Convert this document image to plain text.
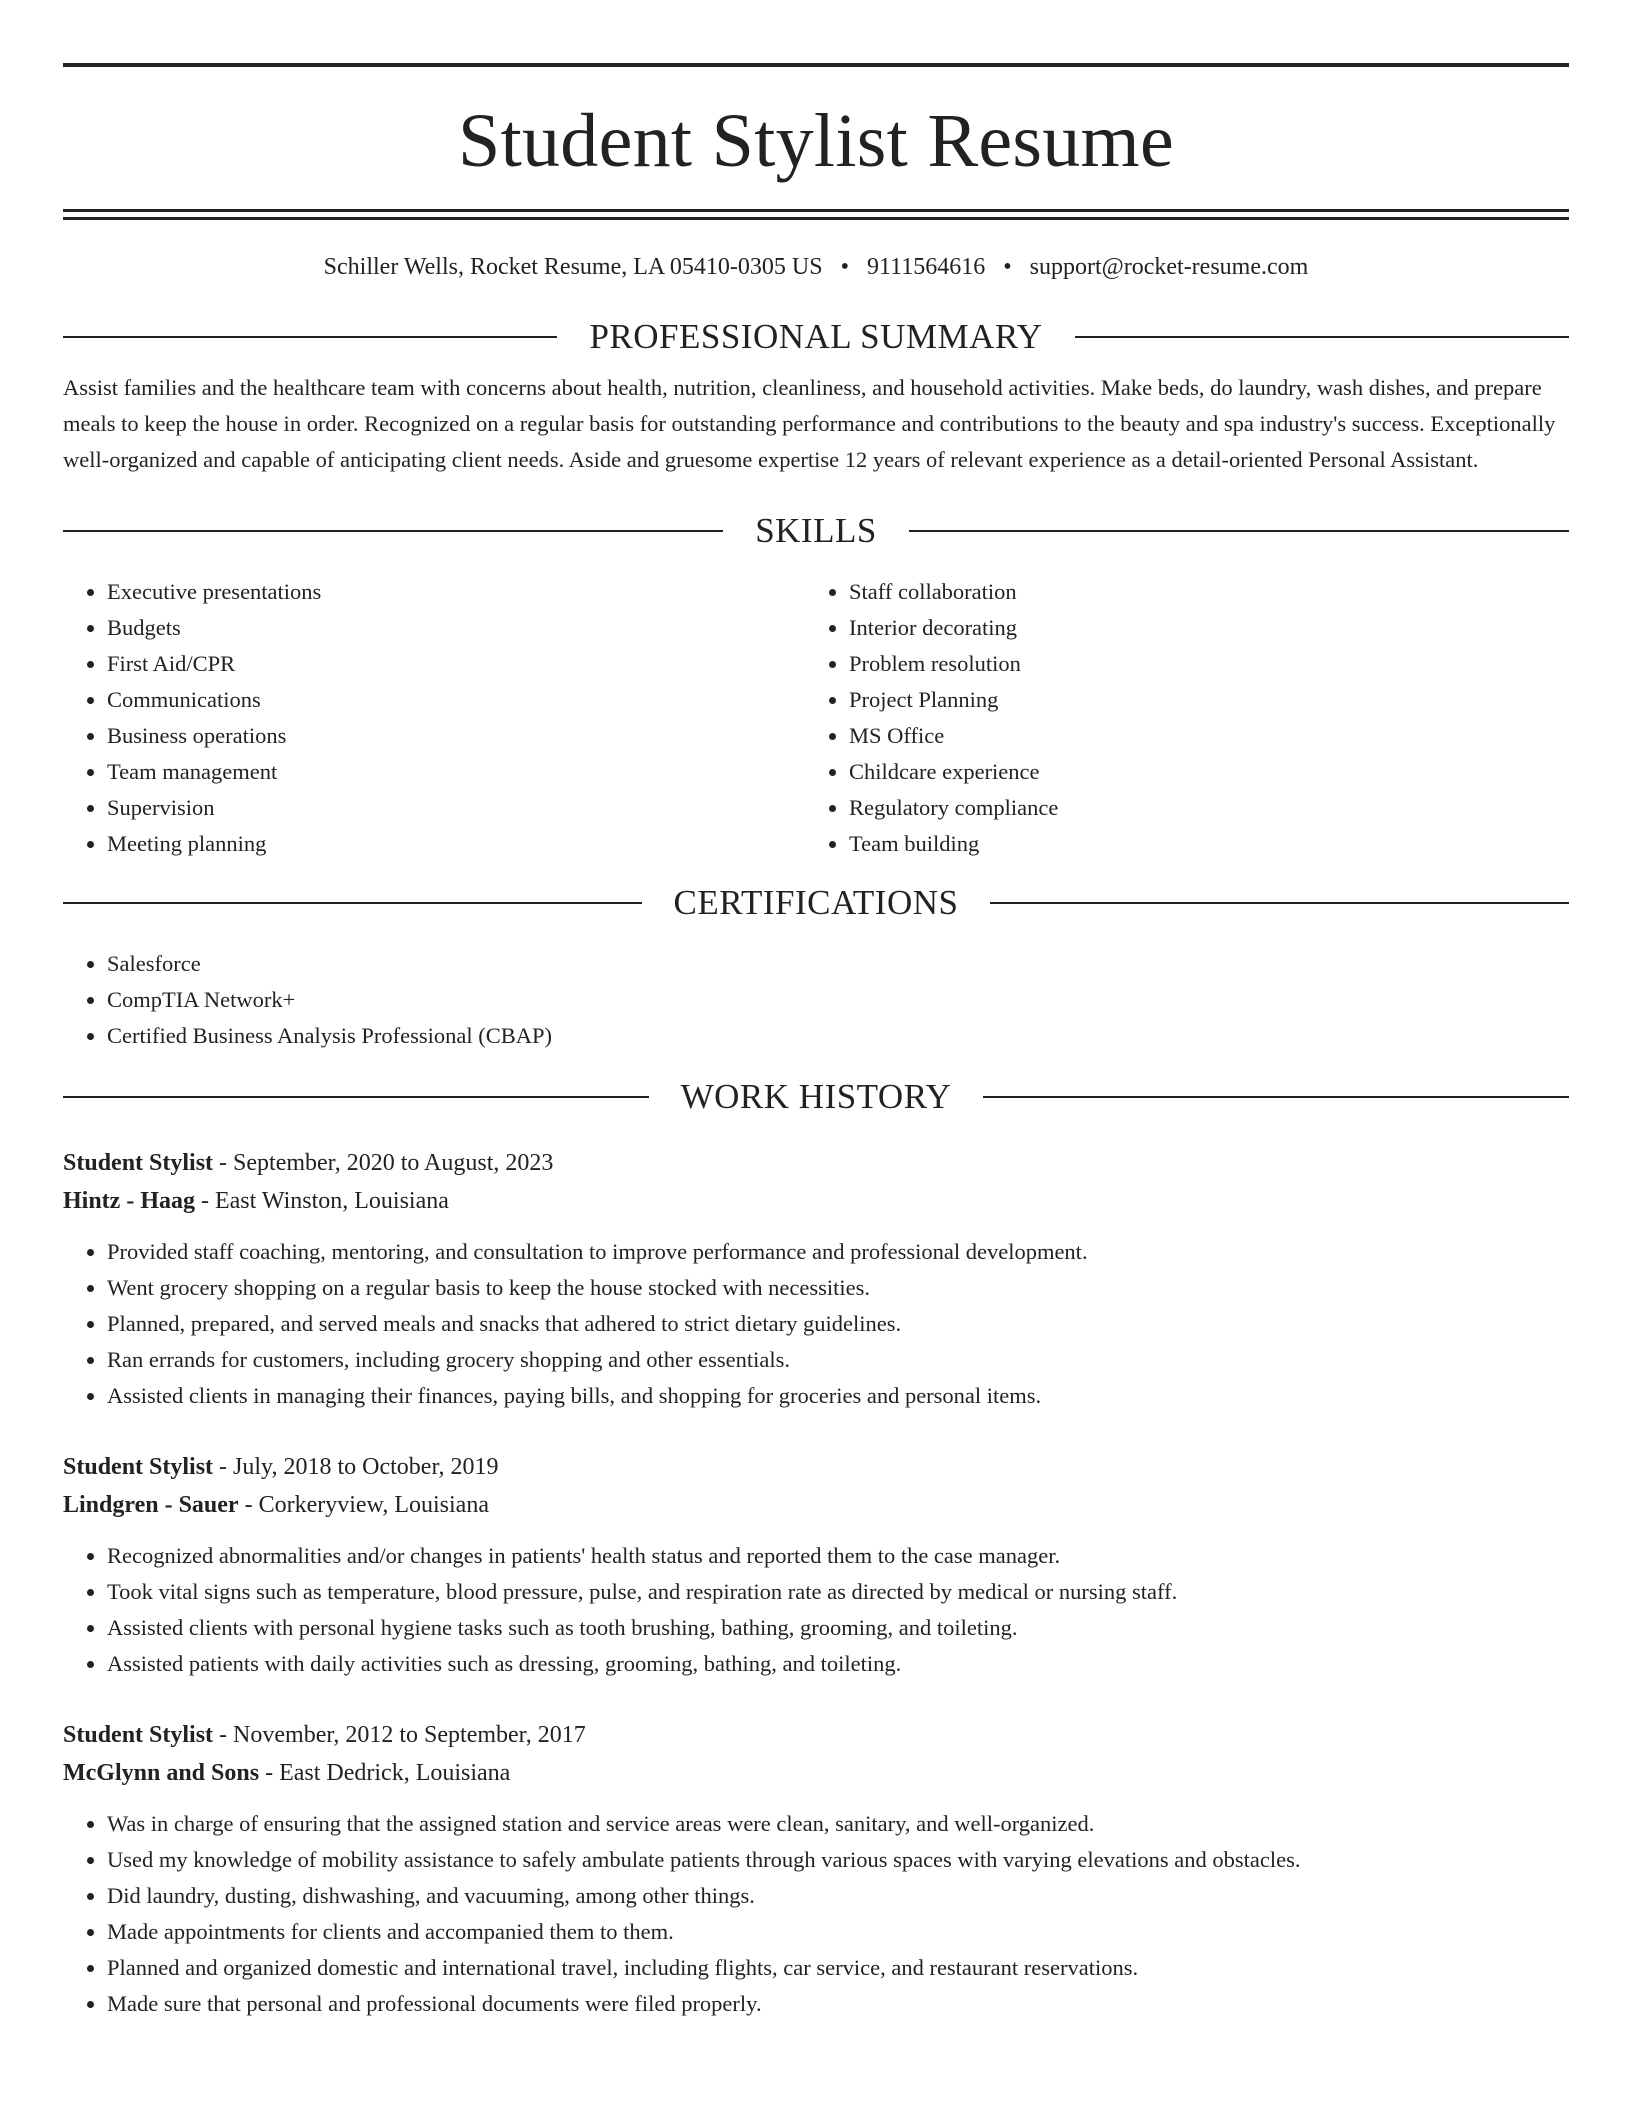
Student Stylist Resume
Schiller Wells, Rocket Resume, LA 05410-0305 US • 9111564616 • support@rocket-resume.com
PROFESSIONAL SUMMARY

Assist families and the healthcare team with concerns about health, nutrition, cleanliness, and household activities. Make beds, do laundry, wash dishes, and prepare meals to keep the house in order. Recognized on a regular basis for outstanding performance and contributions to the beauty and spa industry's success. Exceptionally well-organized and capable of anticipating client needs. Aside and gruesome expertise 12 years of relevant experience as a detail-oriented Personal Assistant.

SKILLS
• Executive presentations
• Budgets
• First Aid/CPR
• Communications
• Business operations
• Team management
• Supervision
• Meeting planning
• Staff collaboration
• Interior decorating
• Problem resolution
• Project Planning
• MS Office
• Childcare experience
• Regulatory compliance
• Team building
CERTIFICATIONS
• Salesforce
• CompTIA Network+
• Certified Business Analysis Professional (CBAP)
WORK HISTORY
Student Stylist - September, 2020 to August, 2023
Hintz - Haag - East Winston, Louisiana
• Provided staff coaching, mentoring, and consultation to improve performance and professional development.
• Went grocery shopping on a regular basis to keep the house stocked with necessities.
• Planned, prepared, and served meals and snacks that adhered to strict dietary guidelines.
• Ran errands for customers, including grocery shopping and other essentials.
• Assisted clients in managing their finances, paying bills, and shopping for groceries and personal items.
Student Stylist - July, 2018 to October, 2019
Lindgren - Sauer - Corkeryview, Louisiana
• Recognized abnormalities and/or changes in patients' health status and reported them to the case manager.
• Took vital signs such as temperature, blood pressure, pulse, and respiration rate as directed by medical or nursing staff.
• Assisted clients with personal hygiene tasks such as tooth brushing, bathing, grooming, and toileting.
• Assisted patients with daily activities such as dressing, grooming, bathing, and toileting.
Student Stylist - November, 2012 to September, 2017
McGlynn and Sons - East Dedrick, Louisiana
• Was in charge of ensuring that the assigned station and service areas were clean, sanitary, and well-organized.
• Used my knowledge of mobility assistance to safely ambulate patients through various spaces with varying elevations and obstacles.
• Did laundry, dusting, dishwashing, and vacuuming, among other things.
• Made appointments for clients and accompanied them to them.
• Planned and organized domestic and international travel, including flights, car service, and restaurant reservations.
• Made sure that personal and professional documents were filed properly.
